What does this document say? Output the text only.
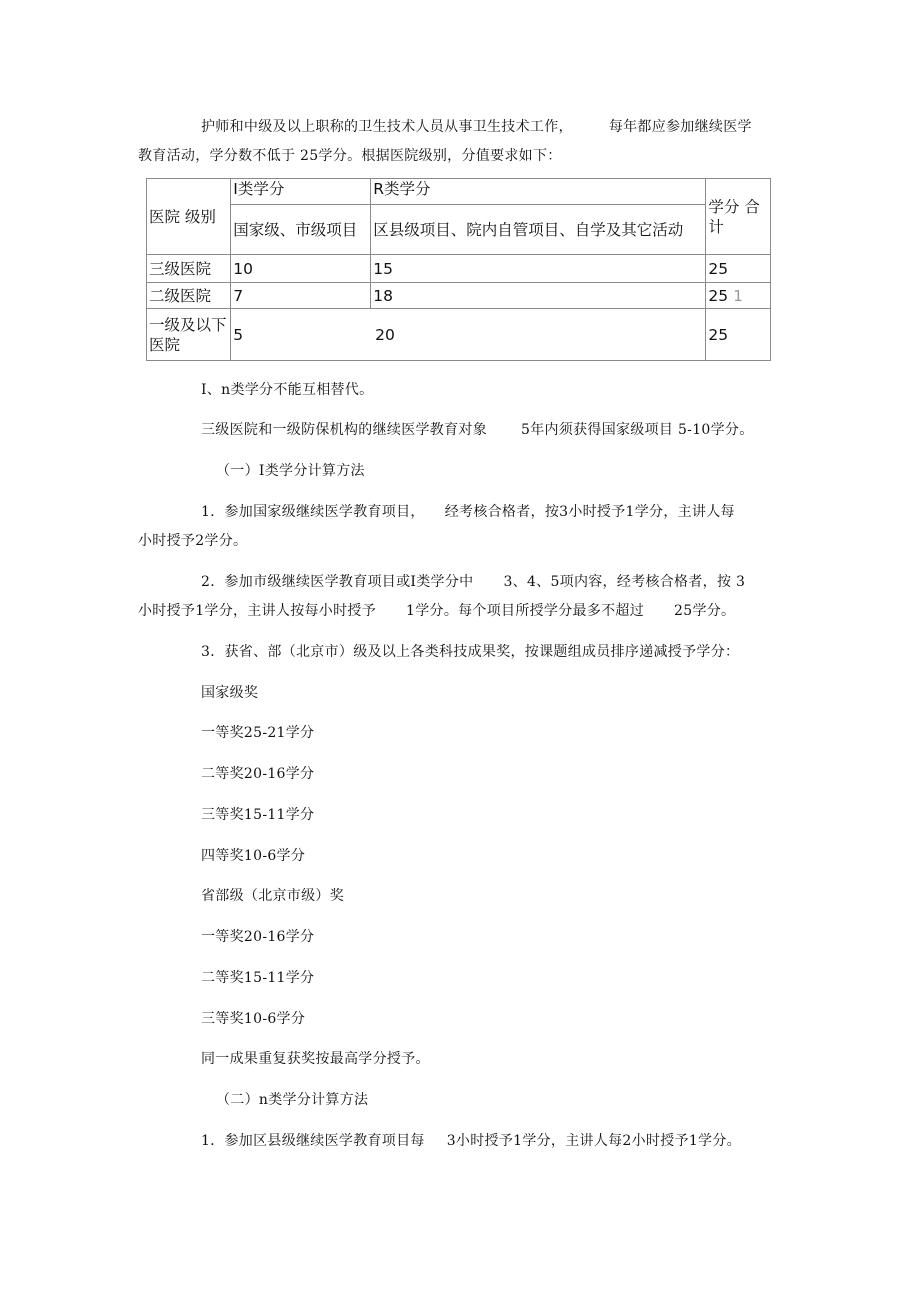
护师和中级及以上职称的卫生技术人员从事卫生技术工作，	每年都应参加继续医学
教育活动，学分数不低于 25学分。根据医院级别，分值要求如下：
医院 级别	I类学分	R类学分	学分 合计
	国家级、市级项目	区县级项目、院内自管项目、自学及其它活动	
三级医院	10	15	25
二级医院	7	18	25 1
一级及以下医院	5 20		25
I、n类学分不能互相替代。
三级医院和一级防保机构的继续医学教育对象 5年内须获得国家级项目 5-10学分。
（一）I类学分计算方法
1．参加国家级继续医学教育项目， 经考核合格者，按3小时授予1学分，主讲人每
小时授予2学分。
2．参加市级继续医学教育项目或I类学分中 3、4、5项内容，经考核合格者，按 3
小时授予1学分，主讲人按每小时授予 1学分。每个项目所授学分最多不超过 25学分。
3．获省、部（北京市）级及以上各类科技成果奖，按课题组成员排序递减授予学分：
国家级奖
一等奖25-21学分
二等奖20-16学分
三等奖15-11学分
四等奖10-6学分
省部级（北京市级）奖
一等奖20-16学分
二等奖15-11学分
三等奖10-6学分
同一成果重复获奖按最高学分授予。
（二）n类学分计算方法
1．参加区县级继续医学教育项目每 3小时授予1学分，主讲人每2小时授予1学分。
